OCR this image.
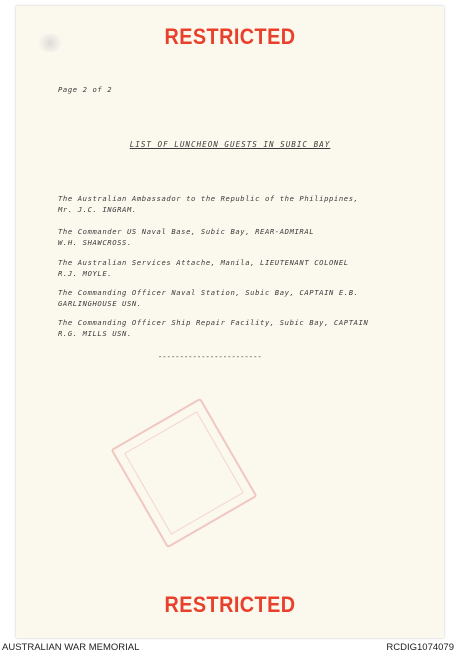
RESTRICTED
Page 2 of 2
LIST OF LUNCHEON GUESTS IN SUBIC BAY
The Australian Ambassador to the Republic of the Philippines,
Mr. J.C. INGRAM.
The Commander US Naval Base, Subic Bay, REAR-ADMIRAL
W.H. SHAWCROSS.
The Australian Services Attache, Manila, LIEUTENANT COLONEL
R.J. MOYLE.
The Commanding Officer Naval Station, Subic Bay, CAPTAIN E.B.
GARLINGHOUSE USN.
The Commanding Officer Ship Repair Facility, Subic Bay, CAPTAIN
R.G. MILLS USN.
------------------------
RESTRICTED
AUSTRALIAN WAR MEMORIAL	RCDIG1074079
